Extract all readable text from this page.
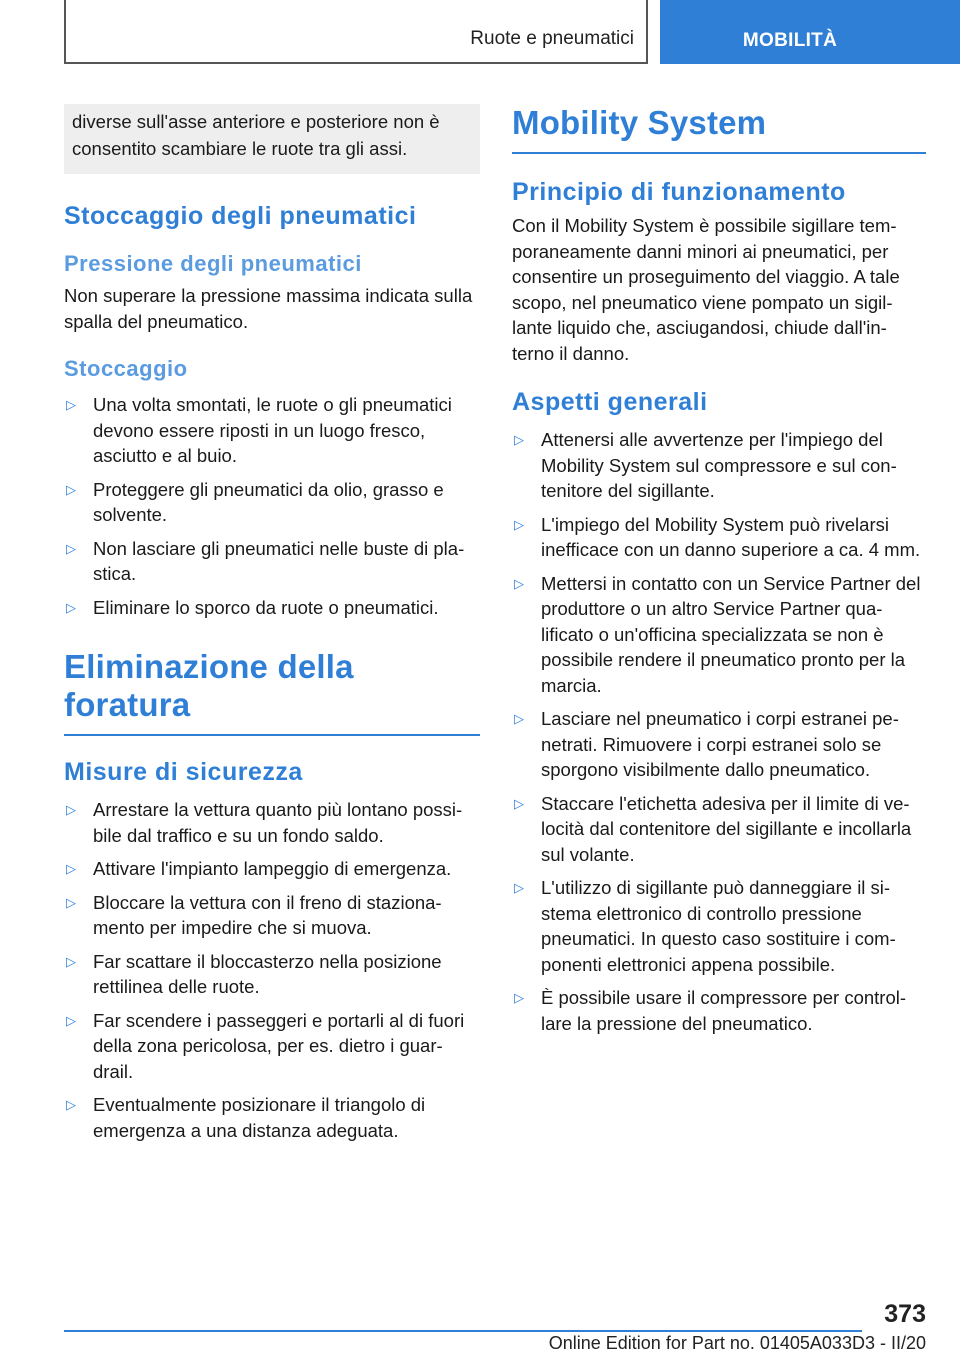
Ruote e pneumatici	MOBILITÀ

diverse sull'asse anteriore e posteriore non è consentito scambiare le ruote tra gli assi.

Stoccaggio degli pneumatici
Pressione degli pneumatici

Non superare la pressione massima indicata sulla spalla del pneumatico.

Stoccaggio
▷ Una volta smontati, le ruote o gli pneumatici devono essere riposti in un luogo fresco, asciutto e al buio.
▷ Proteggere gli pneumatici da olio, grasso e solvente.
▷ Non lasciare gli pneumatici nelle buste di pla-stica.
▷ Eliminare lo sporco da ruote o pneumatici.
Eliminazione della foratura
Misure di sicurezza
▷ Arrestare la vettura quanto più lontano possi-bile dal traffico e su un fondo saldo.
▷ Attivare l'impianto lampeggio di emergenza.
▷ Bloccare la vettura con il freno di staziona-mento per impedire che si muova.
▷ Far scattare il bloccasterzo nella posizione rettilinea delle ruote.
▷ Far scendere i passeggeri e portarli al di fuori della zona pericolosa, per es. dietro i guar-drail.
▷ Eventualmente posizionare il triangolo di emergenza a una distanza adeguata.
Mobility System
Principio di funzionamento

Con il Mobility System è possibile sigillare tem-poraneamente danni minori ai pneumatici, per consentire un proseguimento del viaggio. A tale scopo, nel pneumatico viene pompato un sigil-lante liquido che, asciugandosi, chiude dall'in-terno il danno.

Aspetti generali
▷ Attenersi alle avvertenze per l'impiego del Mobility System sul compressore e sul con-tenitore del sigillante.
▷ L'impiego del Mobility System può rivelarsi inefficace con un danno superiore a ca. 4 mm.
▷ Mettersi in contatto con un Service Partner del produttore o un altro Service Partner qua-lificato o un'officina specializzata se non è possibile rendere il pneumatico pronto per la marcia.
▷ Lasciare nel pneumatico i corpi estranei pe-netrati. Rimuovere i corpi estranei solo se sporgono visibilmente dallo pneumatico.
▷ Staccare l'etichetta adesiva per il limite di ve-locità dal contenitore del sigillante e incollarla sul volante.
▷ L'utilizzo di sigillante può danneggiare il si-stema elettronico di controllo pressione pneumatici. In questo caso sostituire i com-ponenti elettronici appena possibile.
▷ È possibile usare il compressore per control-lare la pressione del pneumatico.
373
Online Edition for Part no. 01405A033D3 - II/20
